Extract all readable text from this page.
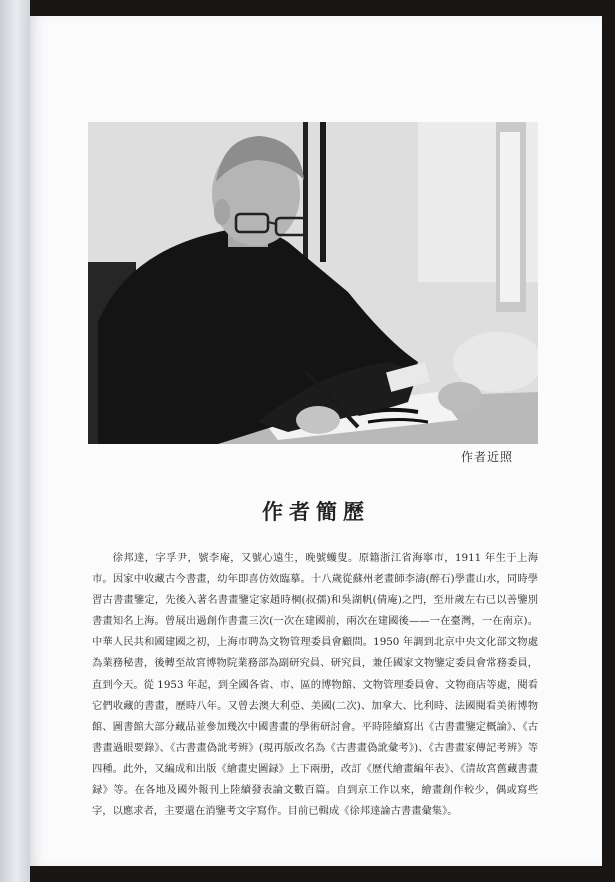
作者近照
作者簡歷

徐邦達，字孚尹，號李庵，又號心遠生，晚號蠖叟。原籍浙江省海寧市，1911 年生于上海市。因家中收藏古今書畫，幼年即喜仿效臨摹。十八歲從蘇州老畫師李濤(醉石)學畫山水，同時學習古書畫鑒定，先後入著名書畫鑒定家趙時棡(叔孺)和吳湖帆(倩庵)之門，至卅歲左右已以善鑒別書畫知名上海。曾展出過創作書畫三次(一次在建國前，兩次在建國後——一在臺灣，一在南京)。中華人民共和國建國之初，上海市聘為文物管理委員會顧問。1950 年調到北京中央文化部文物處為業務秘書，後轉至故宮博物院業務部為副研究員、研究員，兼任國家文物鑒定委員會常務委員，直到今天。從 1953 年起，到全國各省、市、區的博物館、文物管理委員會、文物商店等處，閱看它們收藏的書畫，歷時八年。又曾去澳大利亞、美國(二次)、加拿大、比利時、法國閱看美術博物館、圖書館大部分藏品並參加幾次中國書畫的學術研討會。平時陸續寫出《古書畫鑒定概論》、《古書畫過眼要錄》、《古書畫偽訛考辨》(現再版改名為《古書畫偽訛彙考》)、《古書畫家傳記考辨》等四種。此外，又編成和出版《繪畫史圖録》上下兩册，改訂《歷代繪畫編年表》、《清故宮舊藏書畫録》等。在各地及國外報刊上陸續發表論文數百篇。自到京工作以來，繪畫創作較少，偶或寫些字，以應求者，主要還在消鑒考文字寫作。目前已輯成《徐邦達論古書畫彙集》。
